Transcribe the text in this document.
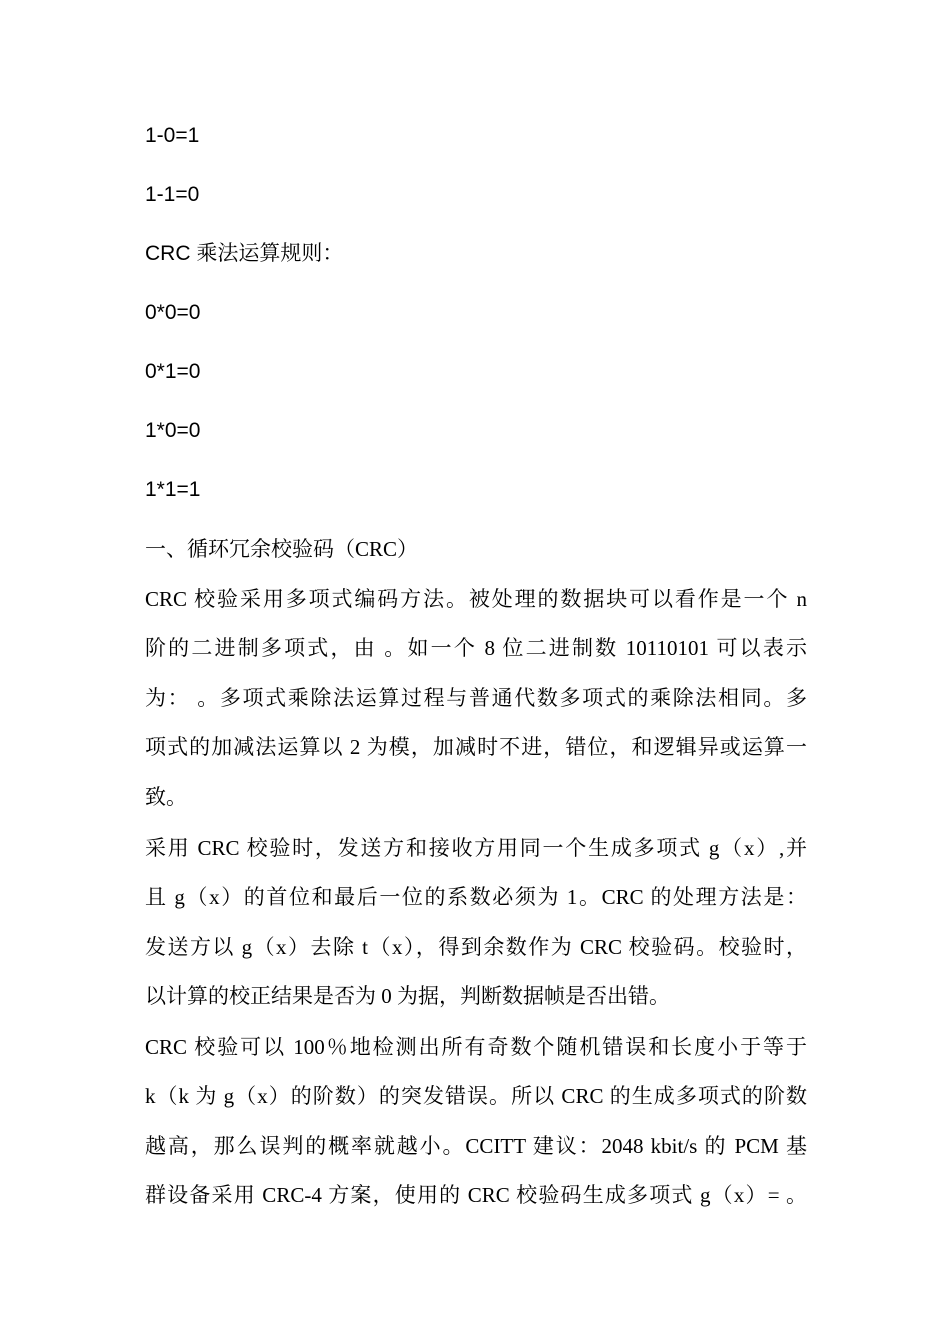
1-0=1
1-1=0
CRC 乘法运算规则：
0*0=0
0*1=0
1*0=0
1*1=1
一、循环冗余校验码（CRC）
CRC 校验采用多项式编码方法。被处理的数据块可以看作是一个 n
阶的二进制多项式，由 。如一个 8 位二进制数 10110101 可以表示
为： 。多项式乘除法运算过程与普通代数多项式的乘除法相同。多
项式的加减法运算以 2 为模，加减时不进，错位，和逻辑异或运算一
致。
采用 CRC 校验时，发送方和接收方用同一个生成多项式 g（x）,并
且 g（x）的首位和最后一位的系数必须为 1。CRC 的处理方法是：
发送方以 g（x）去除 t（x），得到余数作为 CRC 校验码。校验时，
以计算的校正结果是否为 0 为据，判断数据帧是否出错。
CRC 校验可以 100％地检测出所有奇数个随机错误和长度小于等于
k（k 为 g（x）的阶数）的突发错误。所以 CRC 的生成多项式的阶数
越高，那么误判的概率就越小。CCITT 建议：2048 kbit/s 的 PCM 基
群设备采用 CRC-4 方案，使用的 CRC 校验码生成多项式 g（x）= 。
